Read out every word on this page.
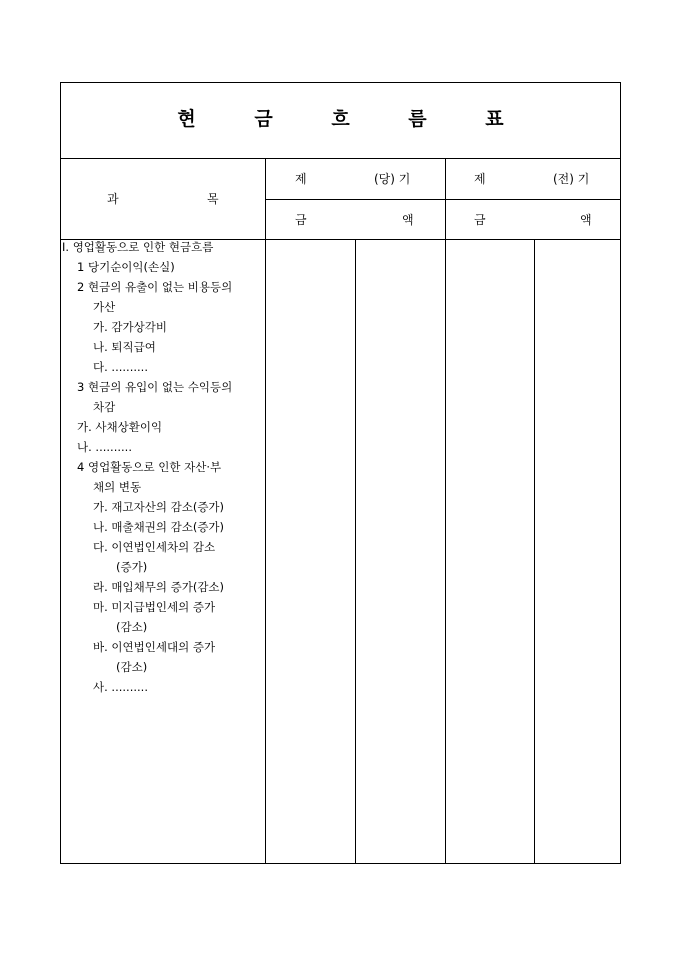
현 금 흐 름 표
과	목
제	(당) 기	제	(전) 기
금	액	금	액
I. 영업활동으로 인한 현금흐름
1 당기순이익(손실)
2 현금의 유출이 없는 비용등의
가산
가. 감가상각비
나. 퇴직급여
다. ..........
3 현금의 유입이 없는 수익등의
차감
가. 사채상환이익
나. ..........
4 영업활동으로 인한 자산·부
채의 변동
가. 재고자산의 감소(증가)
나. 매출채권의 감소(증가)
다. 이연법인세차의 감소
(증가)
라. 매입채무의 증가(감소)
마. 미지급법인세의 증가
(감소)
바. 이연법인세대의 증가
(감소)
사. ..........
